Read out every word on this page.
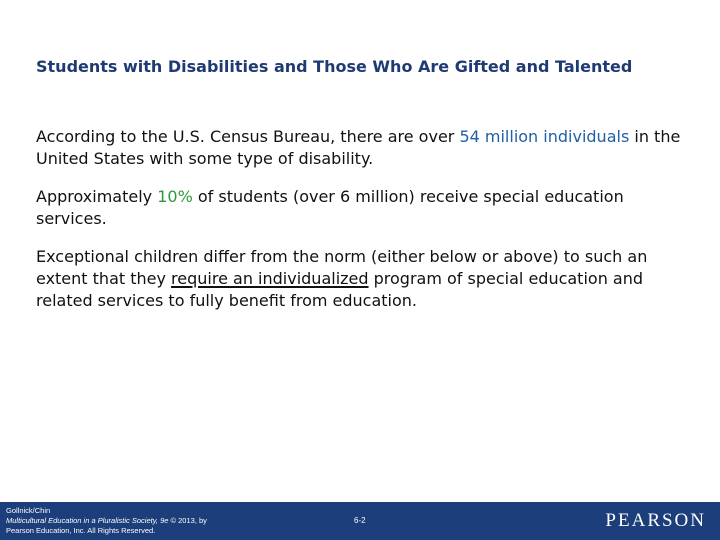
Students with Disabilities and Those Who Are Gifted and Talented
According to the U.S. Census Bureau, there are over 54 million individuals in the United States with some type of disability.
Approximately 10% of students (over 6 million) receive special education services.
Exceptional children differ from the norm (either below or above) to such an extent that they require an individualized program of special education and related services to fully benefit from education.
Gollnick/Chin
Multicultural Education in a Pluralistic Society, 9e © 2013, by
Pearson Education, Inc. All Rights Reserved.
6-2	PEARSON
